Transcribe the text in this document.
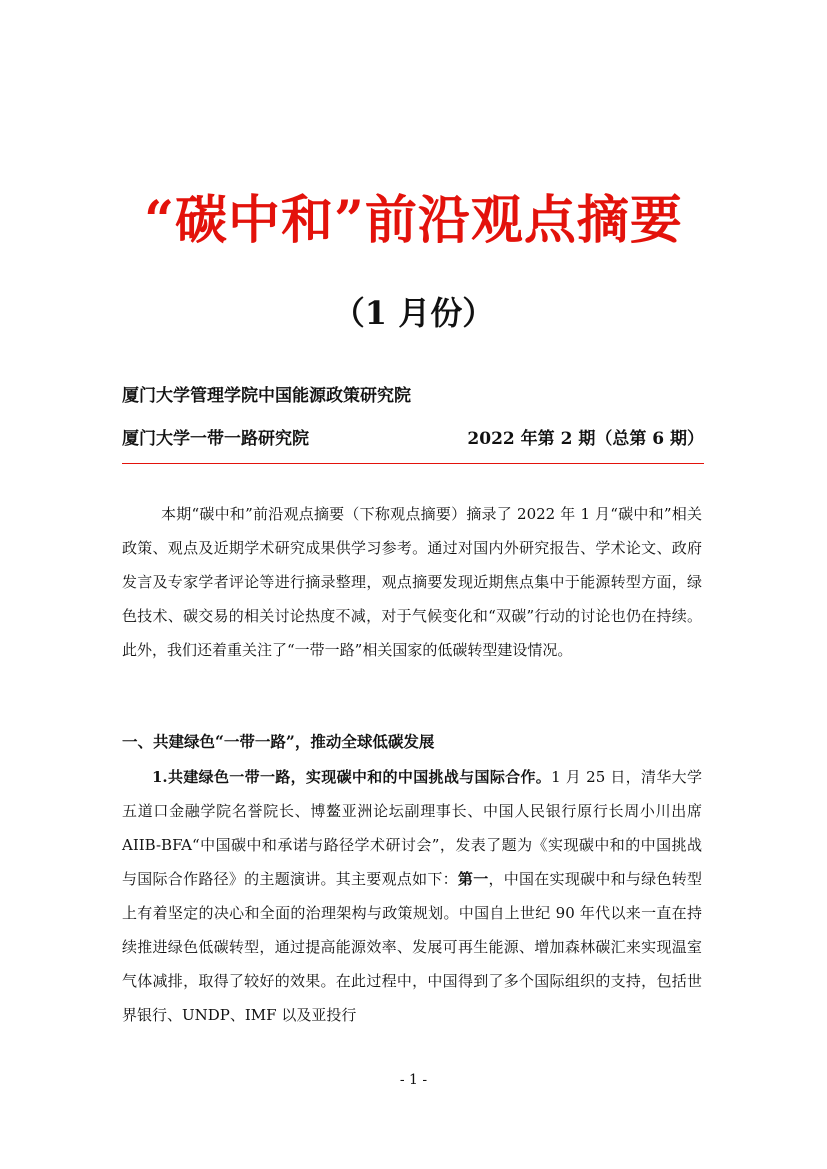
“碳中和”前沿观点摘要
（1 月份）
厦门大学管理学院中国能源政策研究院
厦门大学一带一路研究院	2022 年第 2 期（总第 6 期）
本期“碳中和”前沿观点摘要（下称观点摘要）摘录了 2022 年 1 月“碳中和”相关政策、观点及近期学术研究成果供学习参考。通过对国内外研究报告、学术论文、政府发言及专家学者评论等进行摘录整理，观点摘要发现近期焦点集中于能源转型方面，绿色技术、碳交易的相关讨论热度不减，对于气候变化和“双碳”行动的讨论也仍在持续。此外，我们还着重关注了“一带一路”相关国家的低碳转型建设情况。
一、共建绿色“一带一路”，推动全球低碳发展
1.共建绿色一带一路，实现碳中和的中国挑战与国际合作。1 月 25 日，清华大学五道口金融学院名誉院长、博鳌亚洲论坛副理事长、中国人民银行原行长周小川出席 AIIB-BFA“中国碳中和承诺与路径学术研讨会”，发表了题为《实现碳中和的中国挑战与国际合作路径》的主题演讲。其主要观点如下：第一，中国在实现碳中和与绿色转型上有着坚定的决心和全面的治理架构与政策规划。中国自上世纪 90 年代以来一直在持续推进绿色低碳转型，通过提高能源效率、发展可再生能源、增加森林碳汇来实现温室气体减排，取得了较好的效果。在此过程中，中国得到了多个国际组织的支持，包括世界银行、UNDP、IMF 以及亚投行
- 1 -
